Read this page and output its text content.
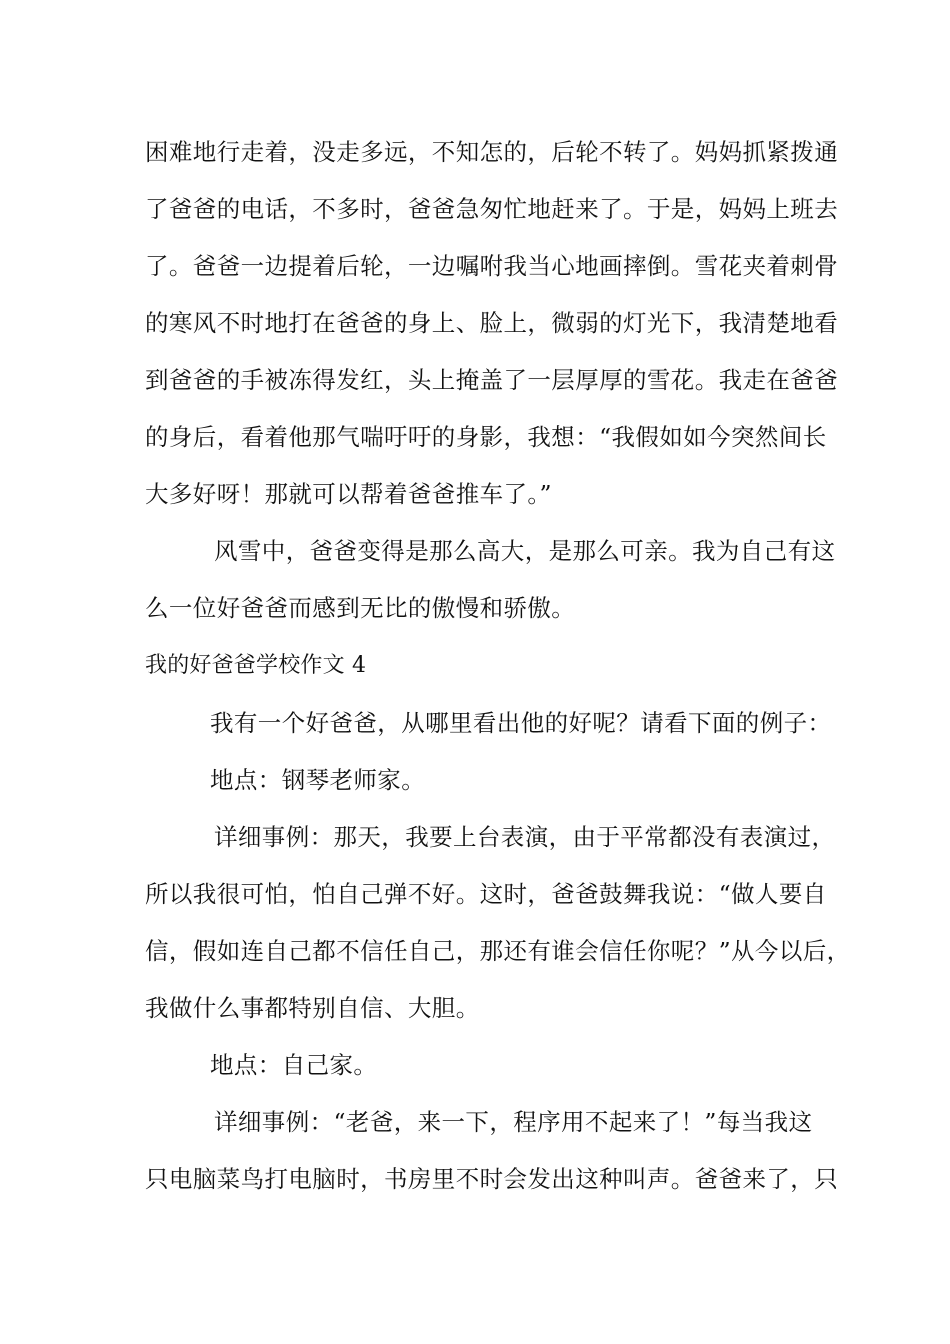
困难地行走着，没走多远，不知怎的，后轮不转了。妈妈抓紧拨通
了爸爸的电话，不多时，爸爸急匆忙地赶来了。于是，妈妈上班去
了。爸爸一边提着后轮，一边嘱咐我当心地画摔倒。雪花夹着刺骨
的寒风不时地打在爸爸的身上、脸上，微弱的灯光下，我清楚地看
到爸爸的手被冻得发红，头上掩盖了一层厚厚的雪花。我走在爸爸
的身后，看着他那气喘吁吁的身影，我想：“我假如如今突然间长
大多好呀！那就可以帮着爸爸推车了。”
风雪中，爸爸变得是那么高大，是那么可亲。我为自己有这
么一位好爸爸而感到无比的傲慢和骄傲。
我的好爸爸学校作文 4
我有一个好爸爸，从哪里看出他的好呢？请看下面的例子：
地点：钢琴老师家。
详细事例：那天，我要上台表演，由于平常都没有表演过，
所以我很可怕，怕自己弹不好。这时，爸爸鼓舞我说：“做人要自
信，假如连自己都不信任自己，那还有谁会信任你呢？”从今以后，
我做什么事都特别自信、大胆。
地点：自己家。
详细事例：“老爸，来一下，程序用不起来了！”每当我这
只电脑菜鸟打电脑时，书房里不时会发出这种叫声。爸爸来了，只
